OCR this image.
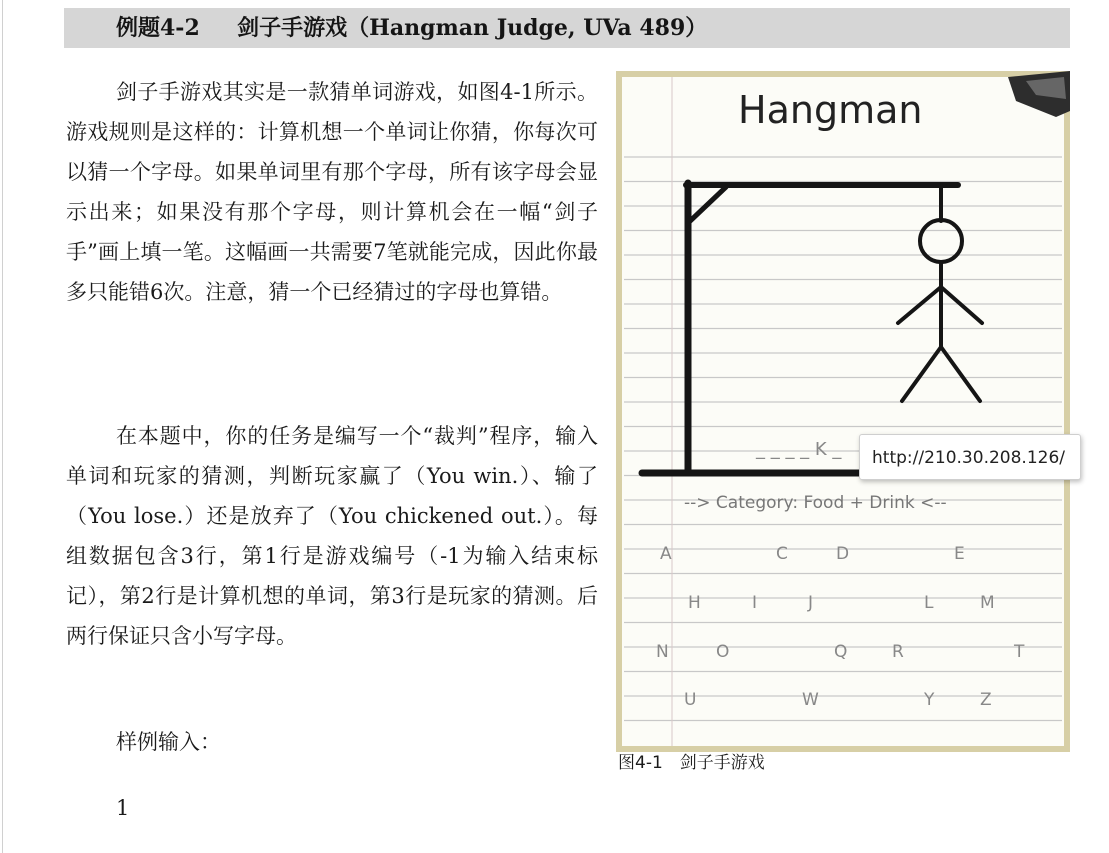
例题4-2 剑子手游戏（Hangman Judge, UVa 489）

剑子手游戏其实是一款猜单词游戏，如图4-1所示。游戏规则是这样的：计算机想一个单词让你猜，你每次可以猜一个字母。如果单词里有那个字母，所有该字母会显示出来；如果没有那个字母，则计算机会在一幅“剑子手”画上填一笔。这幅画一共需要7笔就能完成，因此你最多只能错6次。注意，猜一个已经猜过的字母也算错。

在本题中，你的任务是编写一个“裁判”程序，输入单词和玩家的猜测，判断玩家赢了（You win.）、输了（You lose.）还是放弃了（You chickened out.）。每组数据包含3行，第1行是游戏编号（-1为输入结束标记），第2行是计算机想的单词，第3行是玩家的猜测。后两行保证只含小写字母。

样例输入：

1

Hangman
_ _ _ _ K _
--> Category: Food + Drink <--
A	C	D	E
H	I	J	L	M
N	O	Q	R	T
U	W	Y	Z

图4-1　剑子手游戏

http://210.30.208.126/
